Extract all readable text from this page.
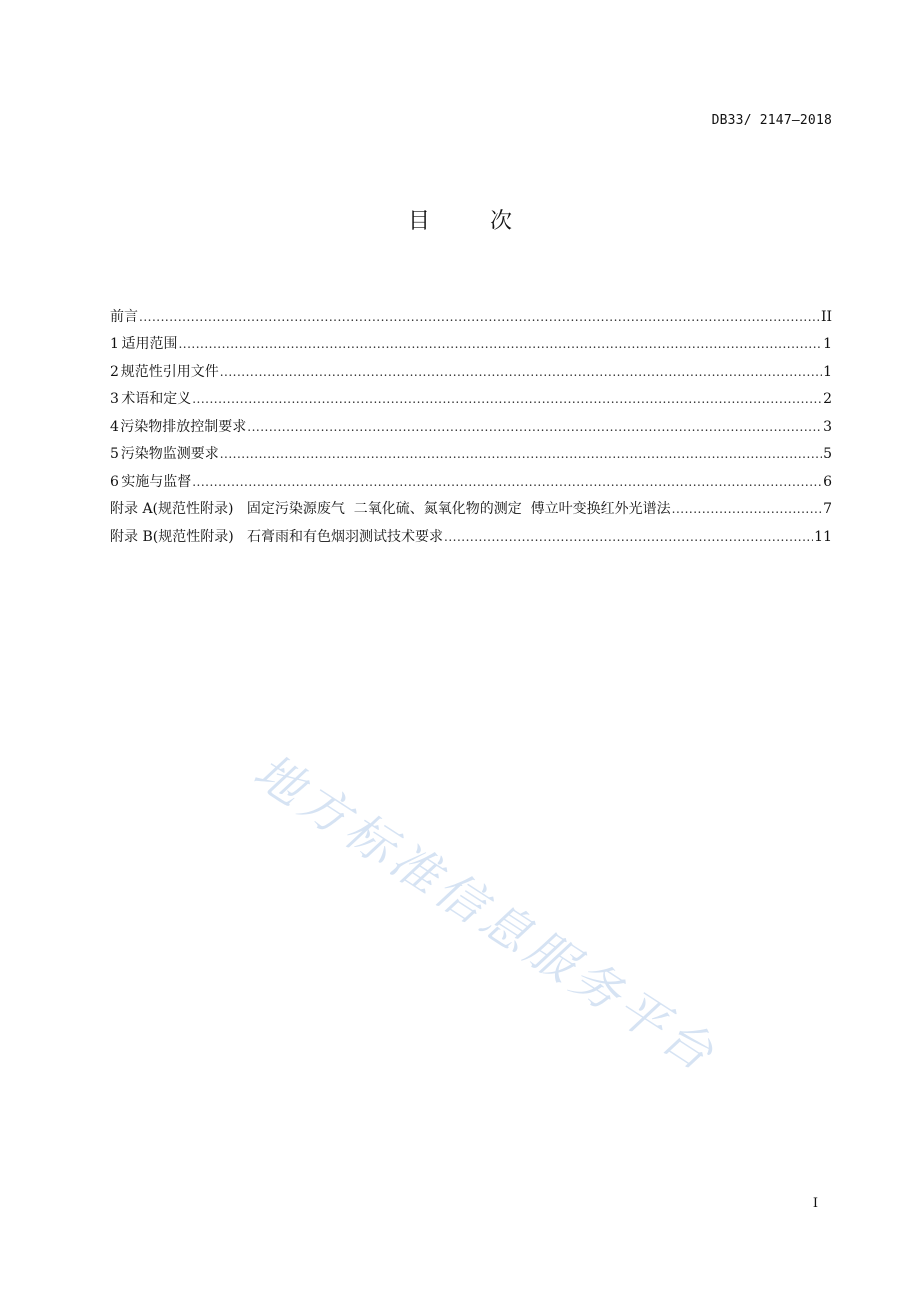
DB33/ 2147—2018
目	次
前言 .....	II
1 适用范围 .....	1
2 规范性引用文件 .....	1
3 术语和定义 .....	2
4 污染物排放控制要求 .....	3
5 污染物监测要求 .....	5
6 实施与监督 .....	6
附录 A(规范性附录)   固定污染源废气  二氧化硫、氮氧化物的测定  傅立叶变换红外光谱法 .....	7
附录 B(规范性附录)   石膏雨和有色烟羽测试技术要求 .....	11
地方标准信息服务平台
I
